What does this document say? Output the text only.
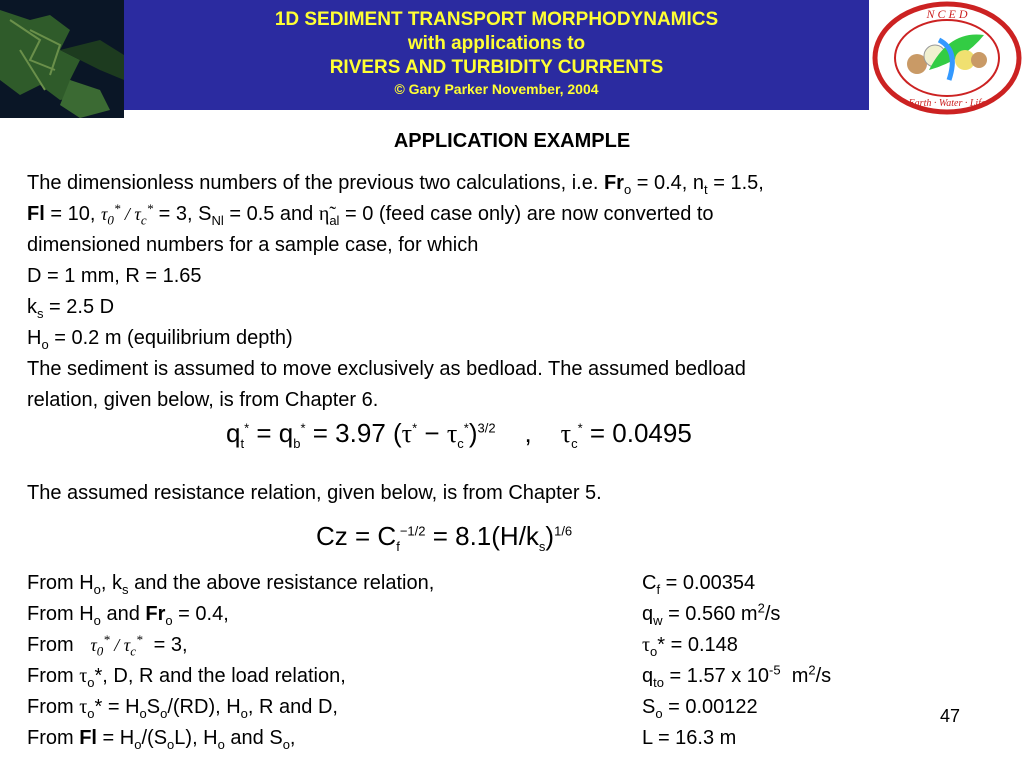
1D SEDIMENT TRANSPORT MORPHODYNAMICS
with applications to
RIVERS AND TURBIDITY CURRENTS
© Gary Parker November, 2004
N C E D
Earth · Water · Life
APPLICATION EXAMPLE

The dimensionless numbers of the previous two calculations, i.e. $Fr_o = 0.4$, $n_t = 1.5$,

Fl = 10, $\tau_0^* / \tau_c^* = 3$, $S_{Nl} = 0.5$ and $\etã_{al} = 0$ (feed case only) are now converted to

dimensioned numbers for a sample case, for which

D = 1 mm, R = 1.65

$k_s = 2.5$ D

$H_o = 0.2$ m (equilibrium depth)

The sediment is assumed to move exclusively as bedload. The assumed bedload

relation, given below, is from Chapter 6.

$q_t^* = q_b^* = 3.97$ $(\tau^* - \tau_c^*)^{3/2}$    ,    $\tau_c^* = 0.0495$
The assumed resistance relation, given below, is from Chapter 5.
$Cz = C_f^{-1/2} = 8.1(H/k_s)^{1/6}$
From $H_o$, $k_s$ and the above resistance relation,	$C_f = 0.00354$
From $H_o$ and $Fr_o = 0.4$,	$q_w = 0.560$ $m^2/s$
From $\tau_0^* / \tau_c^* = 3$,	$\tau_o* = 0.148$
From $\tau_o*$, D, R and the load relation,	$q_{to} = 1.57$ x $10^{-5}$  $m^2/s$
From $\tau_o* = H_oS_o/(RD)$, $H_o$, R and D,	$S_o = 0.00122$
From $Fl = H_o/(S_oL)$, $H_o$ and $S_o$,	L = 16.3 m
47
